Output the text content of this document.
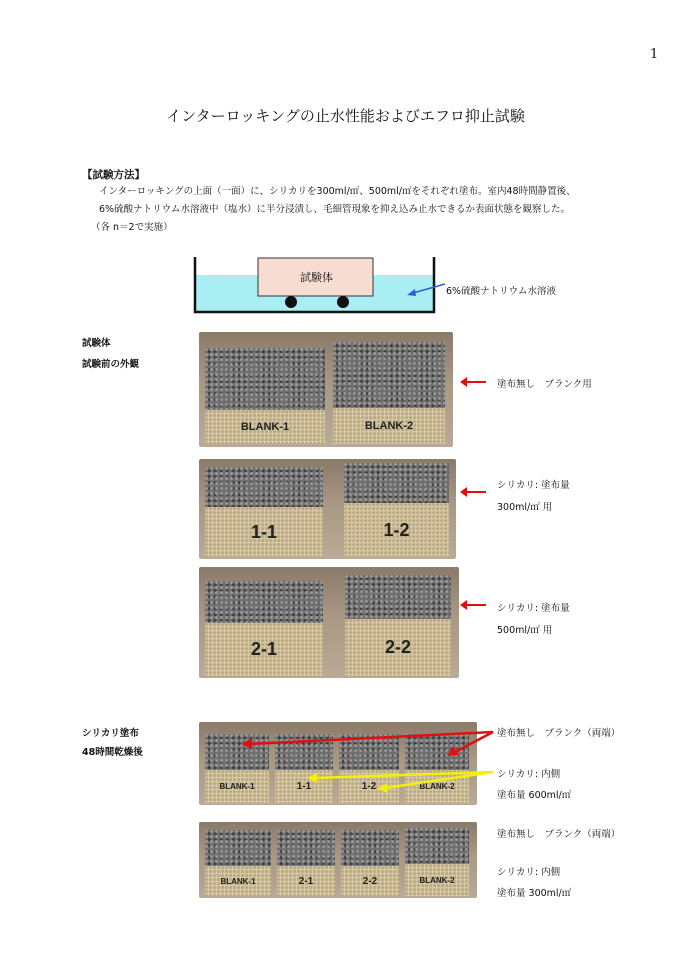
1
インターロッキングの止水性能およびエフロ抑止試験
【試験方法】
インターロッキングの上面（一面）に、シリカリを300ml/㎡、500ml/㎡をそれぞれ塗布。室内48時間静置後、
6%硫酸ナトリウム水溶液中（塩水）に半分浸漬し、毛細管現象を抑え込み止水できるか表面状態を観察した。
（各 n＝2で実施）
試験体
6%硫酸ナトリウム水溶液
試験体
試験前の外観
BLANK-1	BLANK-2
塗布無し　ブランク用
1-1	1-2
シリカリ: 塗布量
300ml/㎡ 用
2-1	2-2
シリカリ: 塗布量
500ml/㎡ 用
シリカリ塗布
48時間乾燥後
BLANK-1	1-1	1-2	BLANK-2
塗布無し　ブランク（両端）
シリカリ: 内側
塗布量 600ml/㎡
BLANK-1	2-1	2-2	BLANK-2
塗布無し　ブランク（両端）
シリカリ: 内側
塗布量 300ml/㎡
